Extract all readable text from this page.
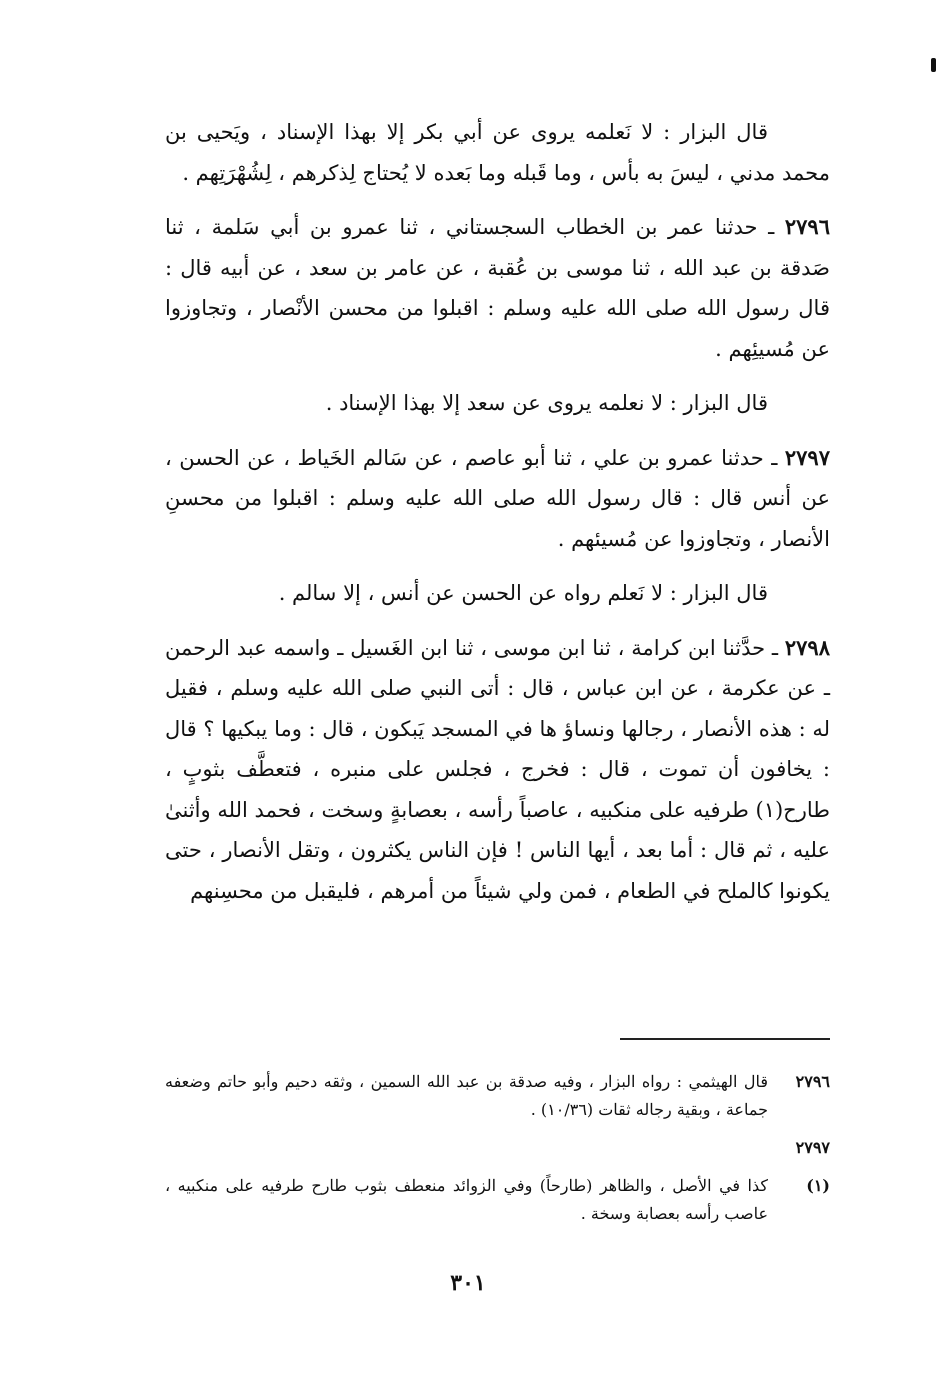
قال البزار : لا نَعلمه يروى عن أبي بكر إلا بهذا الإسناد ، ويَحيى بن محمد مدني ، ليسَ به بأس ، وما قَبله وما بَعده لا يُحتاج لِذكرهم ، لِشُهْرَتِهم .

٢٧٩٦ ـ حدثنا عمر بن الخطاب السجستاني ، ثنا عمرو بن أبي سَلمة ، ثنا صَدقة بن عبد الله ، ثنا موسى بن عُقبة ، عن عامر بن سعد ، عن أبيه قال : قال رسول الله صلى الله عليه وسلم : اقبلوا من محسن الأنْصار ، وتجاوزوا عن مُسيئِهم .

قال البزار : لا نعلمه يروى عن سعد إلا بهذا الإسناد .

٢٧٩٧ ـ حدثنا عمرو بن علي ، ثنا أبو عاصم ، عن سَالم الخَياط ، عن الحسن ، عن أنس قال : قال رسول الله صلى الله عليه وسلم : اقبلوا من محسنِ الأنصار ، وتجاوزوا عن مُسيئهم .

قال البزار : لا نَعلم رواه عن الحسن عن أنس ، إلا سالم .

٢٧٩٨ ـ حدَّثنا ابن كرامة ، ثنا ابن موسى ، ثنا ابن الغَسيل ـ واسمه عبد الرحمن ـ عن عكرمة ، عن ابن عباس ، قال : أتى النبي صلى الله عليه وسلم ، فقيل له : هذه الأنصار ، رجالها ونساؤ ها في المسجد يَبكون ، قال : وما يبكيها ؟ قال : يخافون أن تموت ، قال : فخرج ، فجلس على منبره ، فتعطَّف بثوبٍ ، طارح(١) طرفيه على منكبيه ، عاصباً رأسه ، بعصابةٍ وسخت ، فحمد الله وأثنىٰ عليه ، ثم قال : أما بعد ، أيها الناس ! فإن الناس يكثرون ، وتقل الأنصار ، حتى يكونوا كالملح في الطعام ، فمن ولي شيئاً من أمرهم ، فليقبل من محسِنهم

٢٧٩٦
قال الهيثمي : رواه البزار ، وفيه صدقة بن عبد الله السمين ، وثقه دحيم وأبو حاتم وضعفه جماعة ، وبقية رجاله ثقات (١٠/٣٦) .
٢٧٩٧
(١)
كذا في الأصل ، والظاهر (طارحاً) وفي الزوائد منعطف بثوب طارح طرفيه على منكبيه ، عاصب رأسه بعصابة وسخة .
٣٠١
